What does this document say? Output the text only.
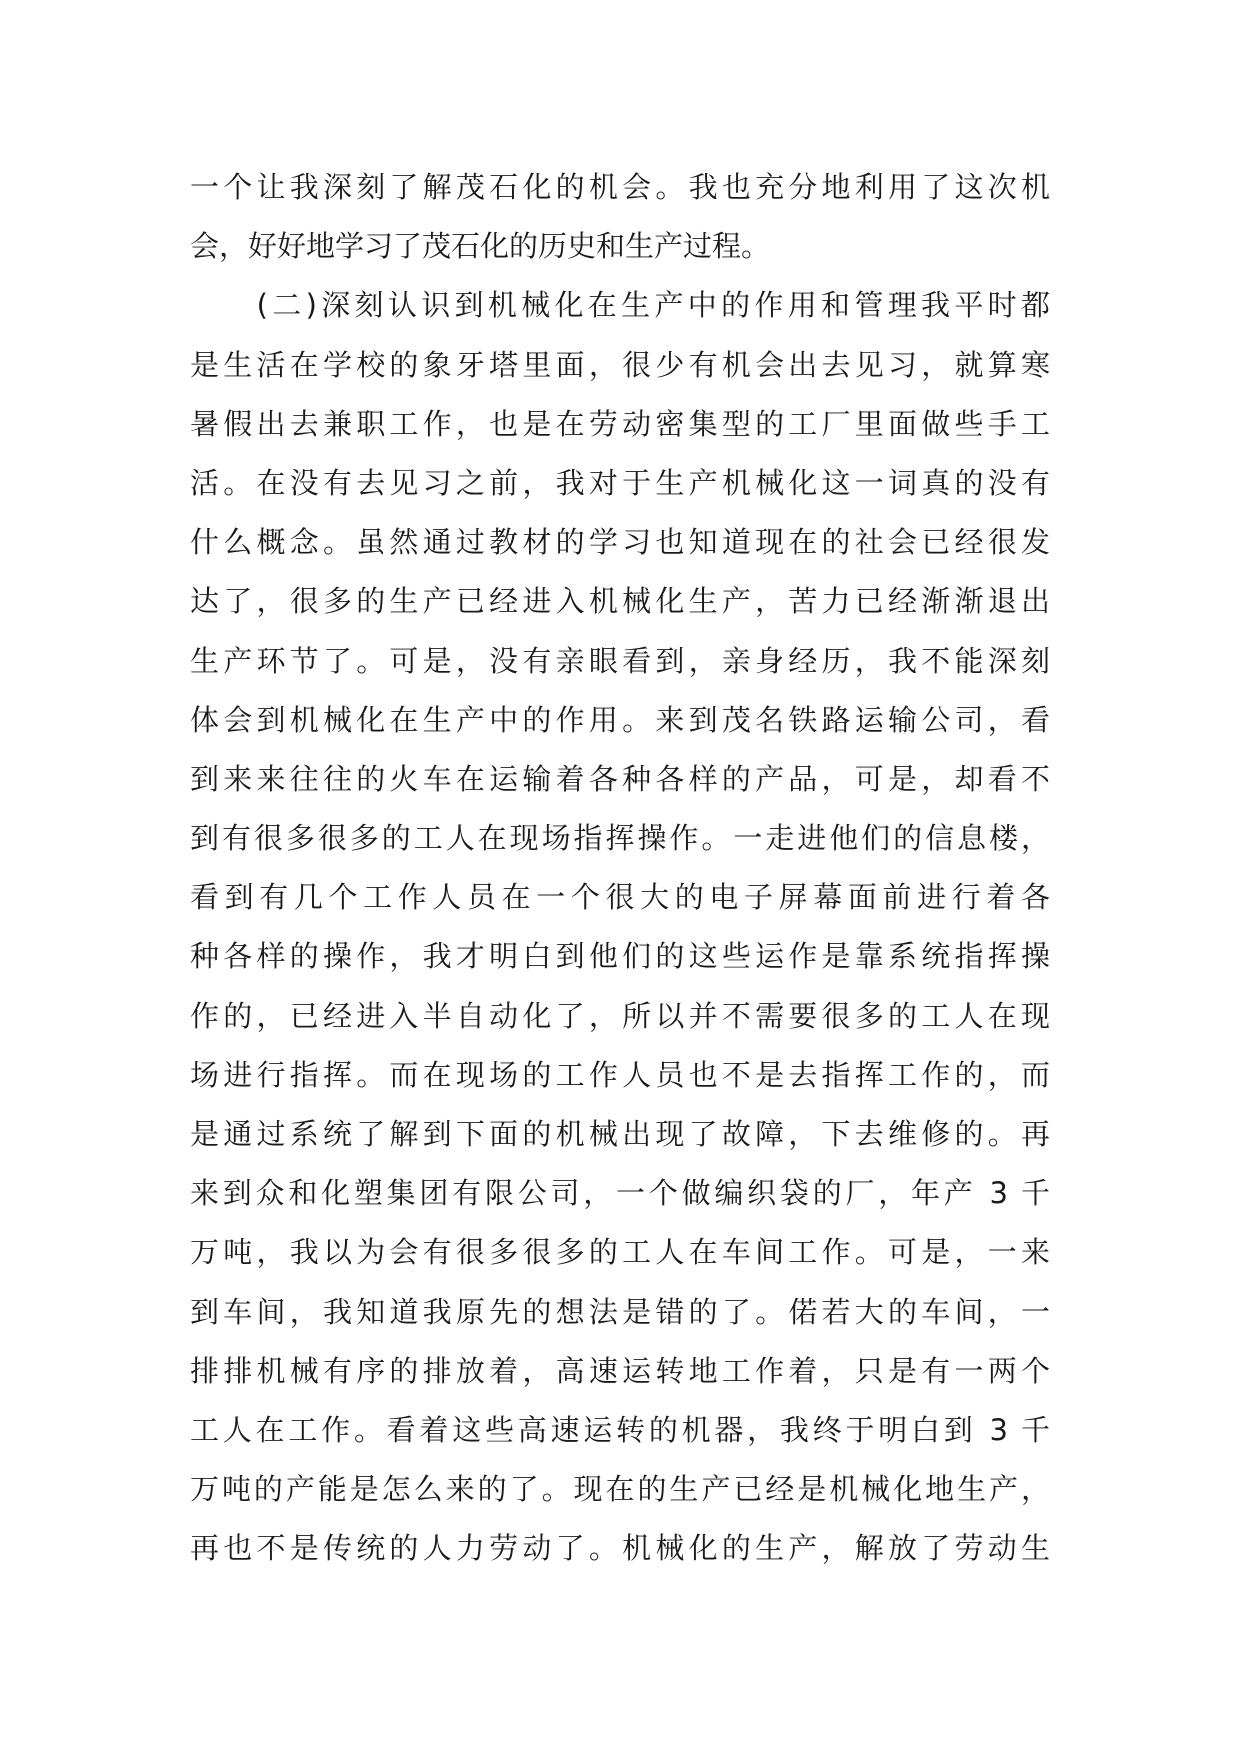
一个让我深刻了解茂石化的机会。我也充分地利用了这次机
会，好好地学习了茂石化的历史和生产过程。
　　(二)深刻认识到机械化在生产中的作用和管理我平时都
是生活在学校的象牙塔里面，很少有机会出去见习，就算寒
暑假出去兼职工作，也是在劳动密集型的工厂里面做些手工
活。在没有去见习之前，我对于生产机械化这一词真的没有
什么概念。虽然通过教材的学习也知道现在的社会已经很发
达了，很多的生产已经进入机械化生产，苦力已经渐渐退出
生产环节了。可是，没有亲眼看到，亲身经历，我不能深刻
体会到机械化在生产中的作用。来到茂名铁路运输公司，看
到来来往往的火车在运输着各种各样的产品，可是，却看不
到有很多很多的工人在现场指挥操作。一走进他们的信息楼，
看到有几个工作人员在一个很大的电子屏幕面前进行着各
种各样的操作，我才明白到他们的这些运作是靠系统指挥操
作的，已经进入半自动化了，所以并不需要很多的工人在现
场进行指挥。而在现场的工作人员也不是去指挥工作的，而
是通过系统了解到下面的机械出现了故障，下去维修的。再
来到众和化塑集团有限公司，一个做编织袋的厂，年产 3 千
万吨，我以为会有很多很多的工人在车间工作。可是，一来
到车间，我知道我原先的想法是错的了。偌若大的车间，一
排排机械有序的排放着，高速运转地工作着，只是有一两个
工人在工作。看着这些高速运转的机器，我终于明白到 3 千
万吨的产能是怎么来的了。现在的生产已经是机械化地生产，
再也不是传统的人力劳动了。机械化的生产，解放了劳动生
